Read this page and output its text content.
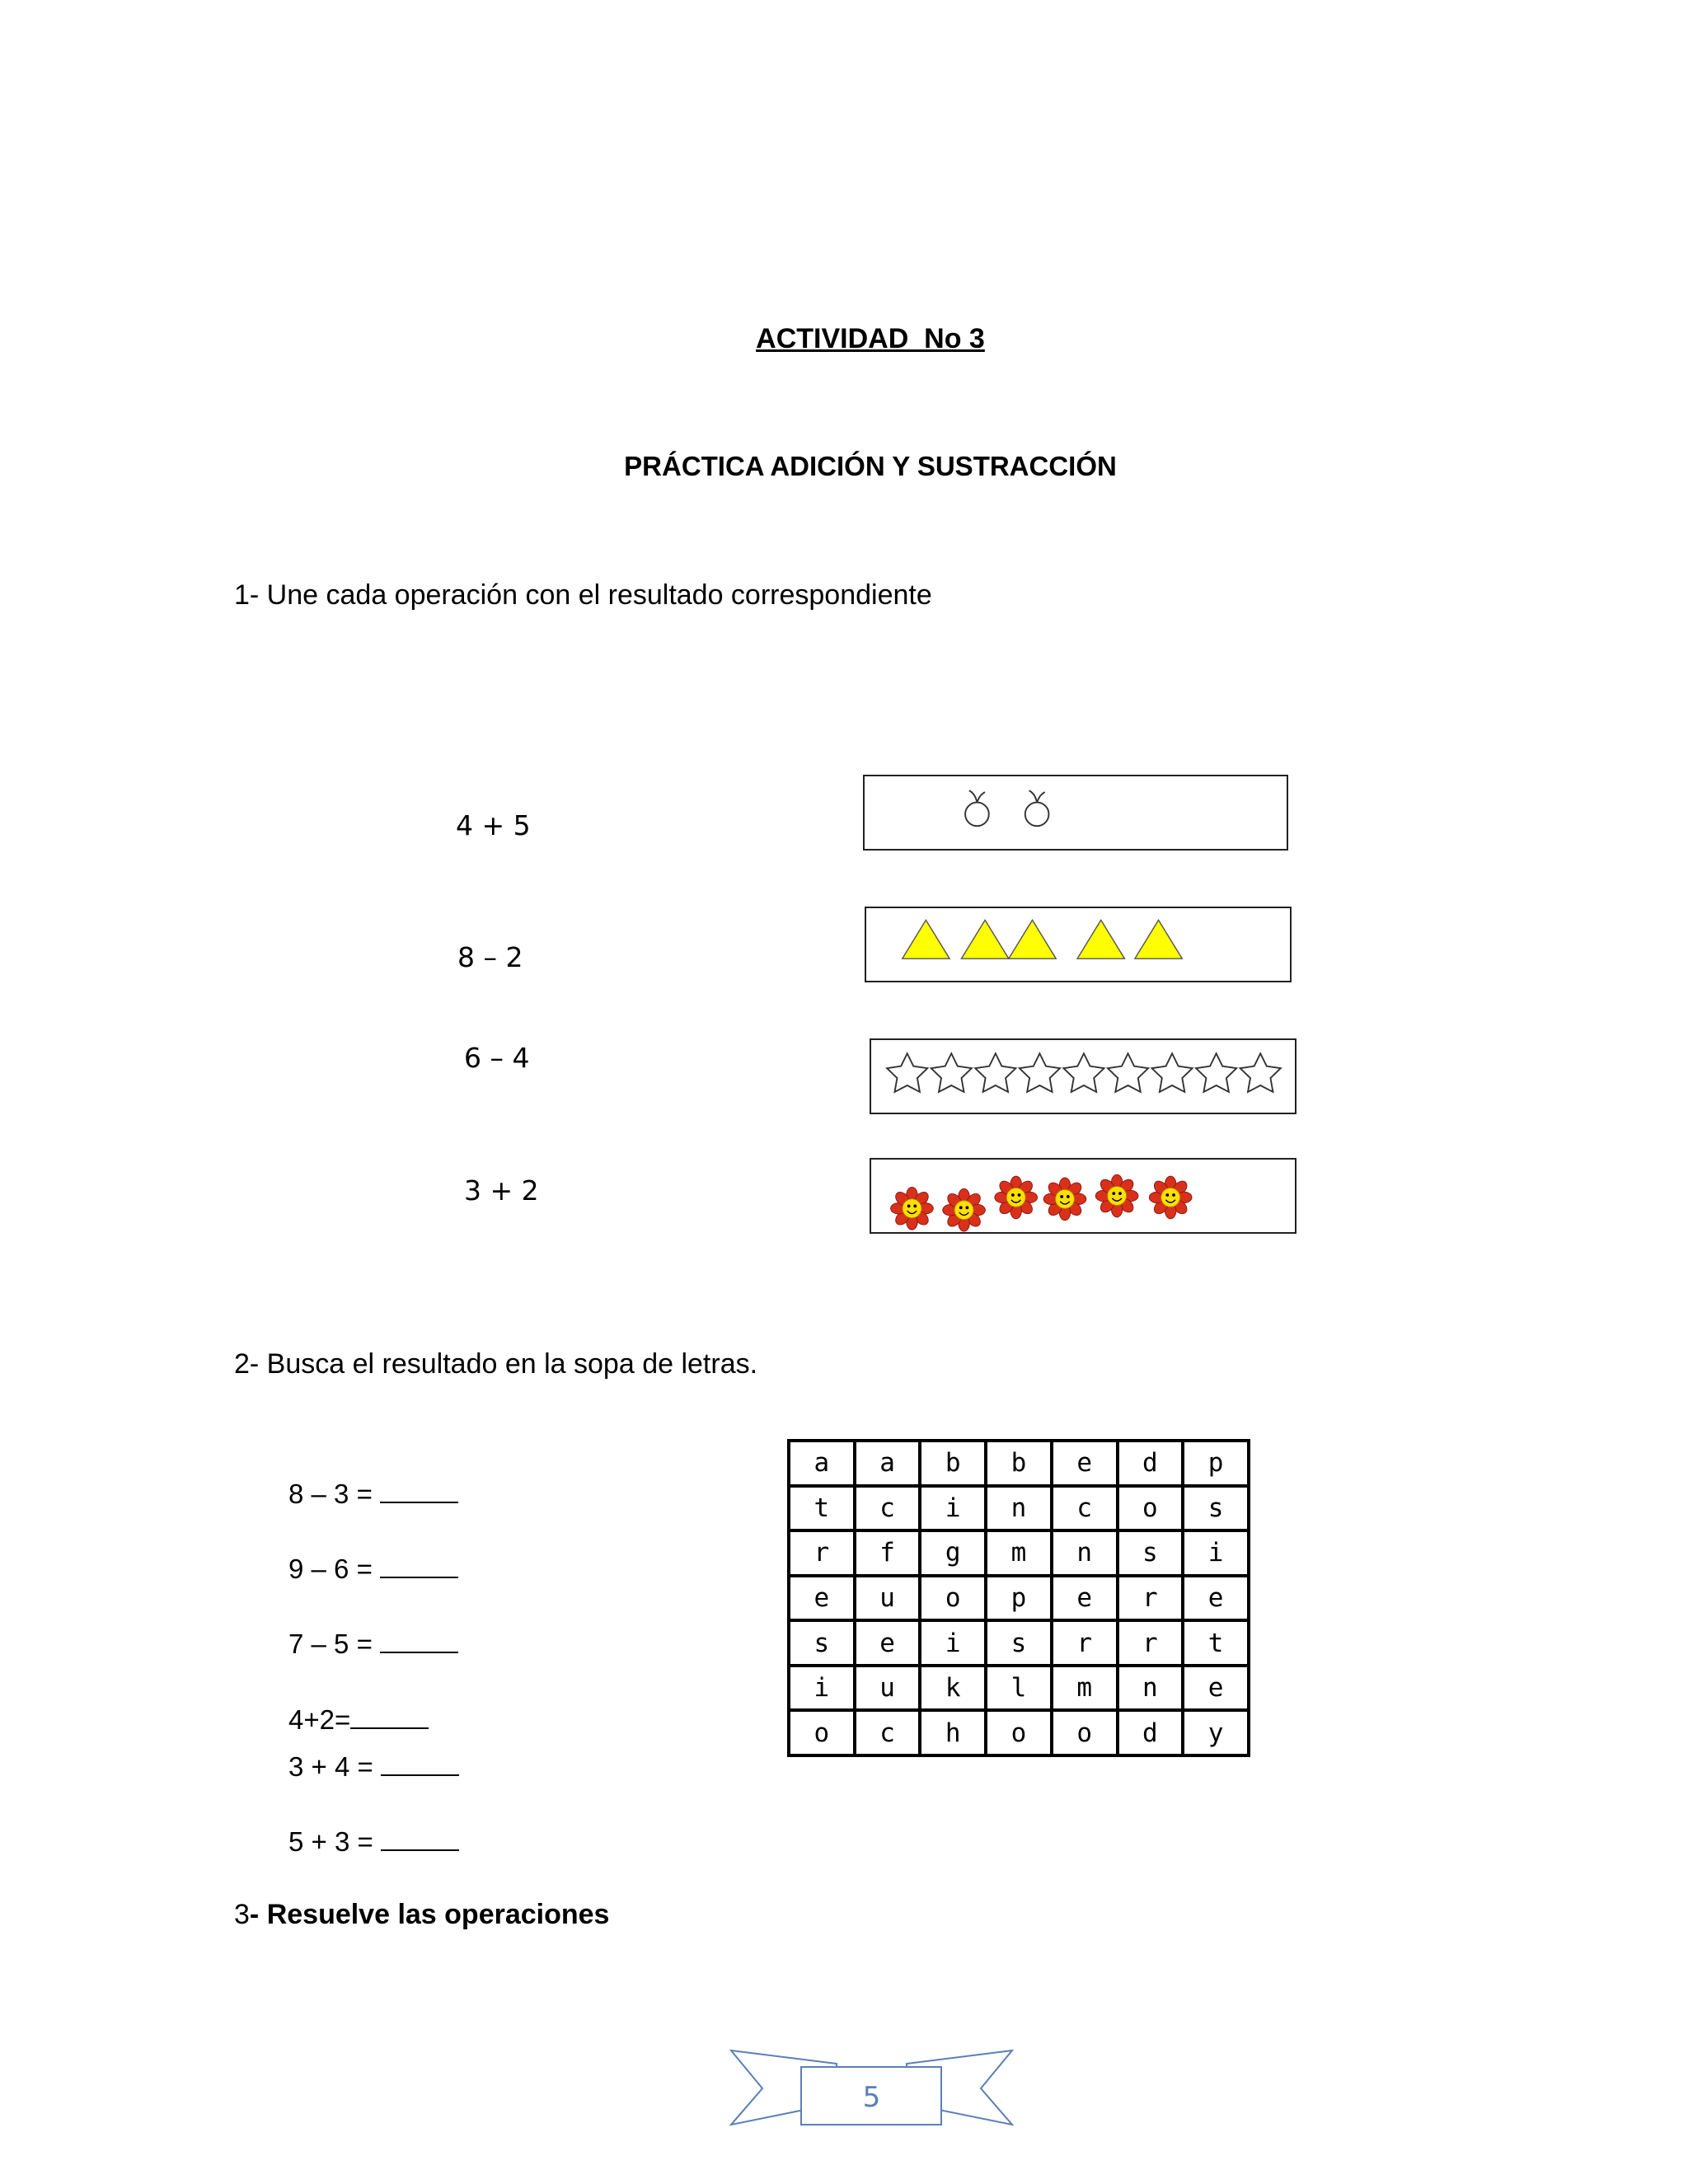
ACTIVIDAD  No 3
PRÁCTICA ADICIÓN Y SUSTRACCIÓN
1- Une cada operación con el resultado correspondiente
4 + 5
8 – 2
6 – 4
3 + 2
2- Busca el resultado en la sopa de letras.
8 – 3 =
9 – 6 =
7 – 5 =
4+2=
3 + 4 =
5 + 3 =
a	a	b	b	e	d	p
t	c	i	n	c	o	s
r	f	g	m	n	s	i
e	u	o	p	e	r	e
s	e	i	s	r	r	t
i	u	k	l	m	n	e
o	c	h	o	o	d	y
3- Resuelve las operaciones
5
